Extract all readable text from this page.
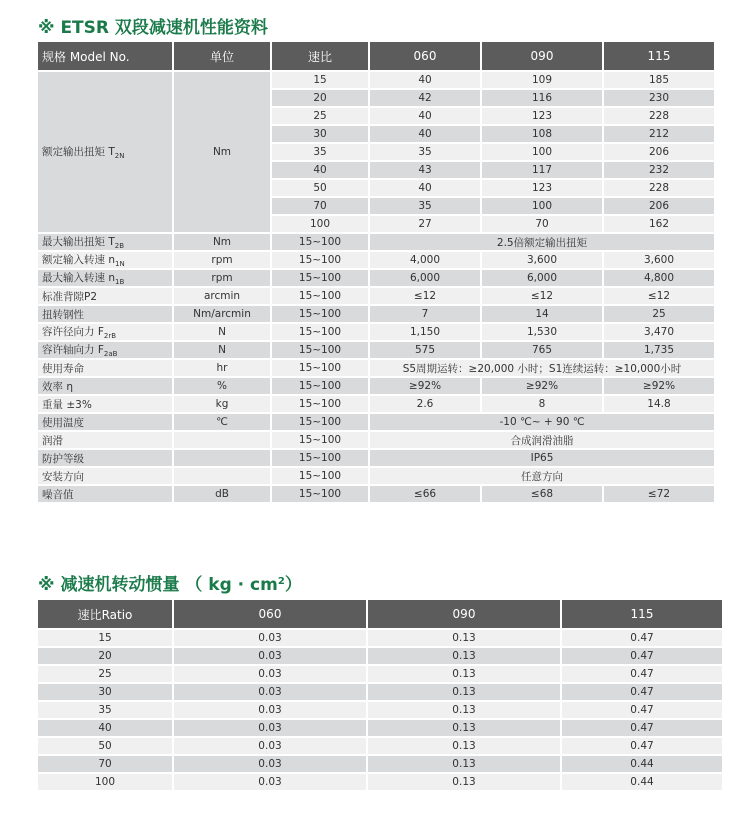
※ ETSR 双段减速机性能资料
规格 Model No.	单位	速比	060	090	115
额定输出扭矩 $T_{2N}$	Nm	15	40	109	185
		20	42	116	230
		25	40	123	228
		30	40	108	212
		35	35	100	206
		40	43	117	232
		50	40	123	228
		70	35	100	206
		100	27	70	162
最大输出扭矩 $T_{2B}$	Nm	15~100	2.5倍额定输出扭矩		
额定输入转速 $n_{1N}$	rpm	15~100	4,000	3,600	3,600
最大输入转速 $n_{1B}$	rpm	15~100	6,000	6,000	4,800
标准背隙P2	arcmin	15~100	≤12	≤12	≤12
扭转钢性	Nm/arcmin	15~100	7	14	25
容许径向力 $F_{2rB}$	N	15~100	1,150	1,530	3,470
容许轴向力 $F_{2aB}$	N	15~100	575	765	1,735
使用寿命	hr	15~100	S5周期运转：≥20,000 小时；S1连续运转：≥10,000小时		
效率 η	%	15~100	≥92%	≥92%	≥92%
重量 ±3%	kg	15~100	2.6	8	14.8
使用温度	℃	15~100	-10 ℃~ + 90 ℃		
润滑		15~100	合成润滑油脂		
防护等级		15~100	IP65		
安装方向		15~100	任意方向		
噪音值	dB	15~100	≤66	≤68	≤72
※ 减速机转动惯量 （ kg · $cm^2$）
速比Ratio	060	090	115
15	0.03	0.13	0.47
20	0.03	0.13	0.47
25	0.03	0.13	0.47
30	0.03	0.13	0.47
35	0.03	0.13	0.47
40	0.03	0.13	0.47
50	0.03	0.13	0.47
70	0.03	0.13	0.44
100	0.03	0.13	0.44
